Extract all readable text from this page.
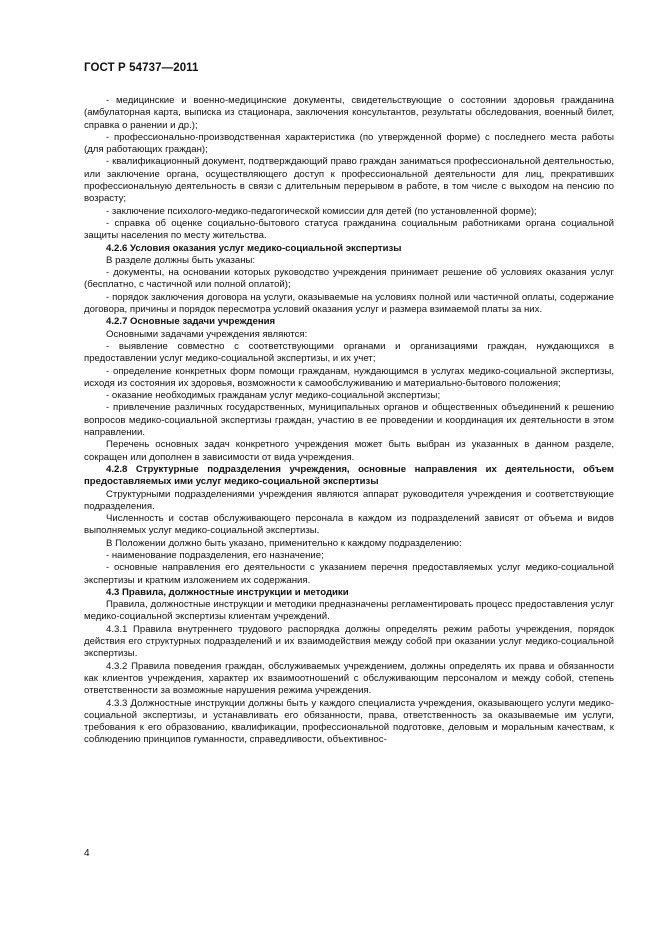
ГОСТ Р 54737—2011

- медицинские и военно-медицинские документы, свидетельствующие о состоянии здоровья гражданина (амбулаторная карта, выписка из стационара, заключения консультантов, результаты обследования, военный билет, справка о ранении и др.);

- профессионально-производственная характеристика (по утвержденной форме) с последнего места работы (для работающих граждан);

- квалификационный документ, подтверждающий право граждан заниматься профессиональной деятельностью, или заключение органа, осуществляющего доступ к профессиональной деятельности для лиц, прекративших профессиональную деятельность в связи с длительным перерывом в работе, в том числе с выходом на пенсию по возрасту;

- заключение психолого-медико-педагогической комиссии для детей (по установленной форме);

- справка об оценке социально-бытового статуса гражданина социальным работниками органа социальной защиты населения по месту жительства.

4.2.6 Условия оказания услуг медико-социальной экспертизы

В разделе должны быть указаны:

- документы, на основании которых руководство учреждения принимает решение об условиях оказания услуг (бесплатно, с частичной или полной оплатой);

- порядок заключения договора на услуги, оказываемые на условиях полной или частичной оплаты, содержание договора, причины и порядок пересмотра условий оказания услуг и размера взимаемой платы за них.

4.2.7 Основные задачи учреждения

Основными задачами учреждения являются:

- выявление совместно с соответствующими органами и организациями граждан, нуждающихся в предоставлении услуг медико-социальной экспертизы, и их учет;

- определение конкретных форм помощи гражданам, нуждающимся в услугах медико-социальной экспертизы, исходя из состояния их здоровья, возможности к самообслуживанию и материально-бытового положения;

- оказание необходимых гражданам услуг медико-социальной экспертизы;

- привлечение различных государственных, муниципальных органов и общественных объединений к решению вопросов медико-социальной экспертизы граждан, участию в ее проведении и координация их деятельности в этом направлении.

Перечень основных задач конкретного учреждения может быть выбран из указанных в данном разделе, сокращен или дополнен в зависимости от вида учреждения.

4.2.8 Структурные подразделения учреждения, основные направления их деятельности, объем предоставляемых ими услуг медико-социальной экспертизы

Структурными подразделениями учреждения являются аппарат руководителя учреждения и соответствующие подразделения.

Численность и состав обслуживающего персонала в каждом из подразделений зависят от объема и видов выполняемых услуг медико-социальной экспертизы.

В Положении должно быть указано, применительно к каждому подразделению:

- наименование подразделения, его назначение;

- основные направления его деятельности с указанием перечня предоставляемых услуг медико-социальной экспертизы и кратким изложением их содержания.

4.3 Правила, должностные инструкции и методики

Правила, должностные инструкции и методики предназначены регламентировать процесс предоставления услуг медико-социальной экспертизы клиентам учреждений.

4.3.1 Правила внутреннего трудового распорядка должны определять режим работы учреждения, порядок действия его структурных подразделений и их взаимодействия между собой при оказании услуг медико-социальной экспертизы.

4.3.2 Правила поведения граждан, обслуживаемых учреждением, должны определять их права и обязанности как клиентов учреждения, характер их взаимоотношений с обслуживающим персоналом и между собой, степень ответственности за возможные нарушения режима учреждения.

4.3.3 Должностные инструкции должны быть у каждого специалиста учреждения, оказывающего услуги медико-социальной экспертизы, и устанавливать его обязанности, права, ответственность за оказываемые им услуги, требования к его образованию, квалификации, профессиональной подготовке, деловым и моральным качествам, к соблюдению принципов гуманности, справедливости, объективнос-

4
